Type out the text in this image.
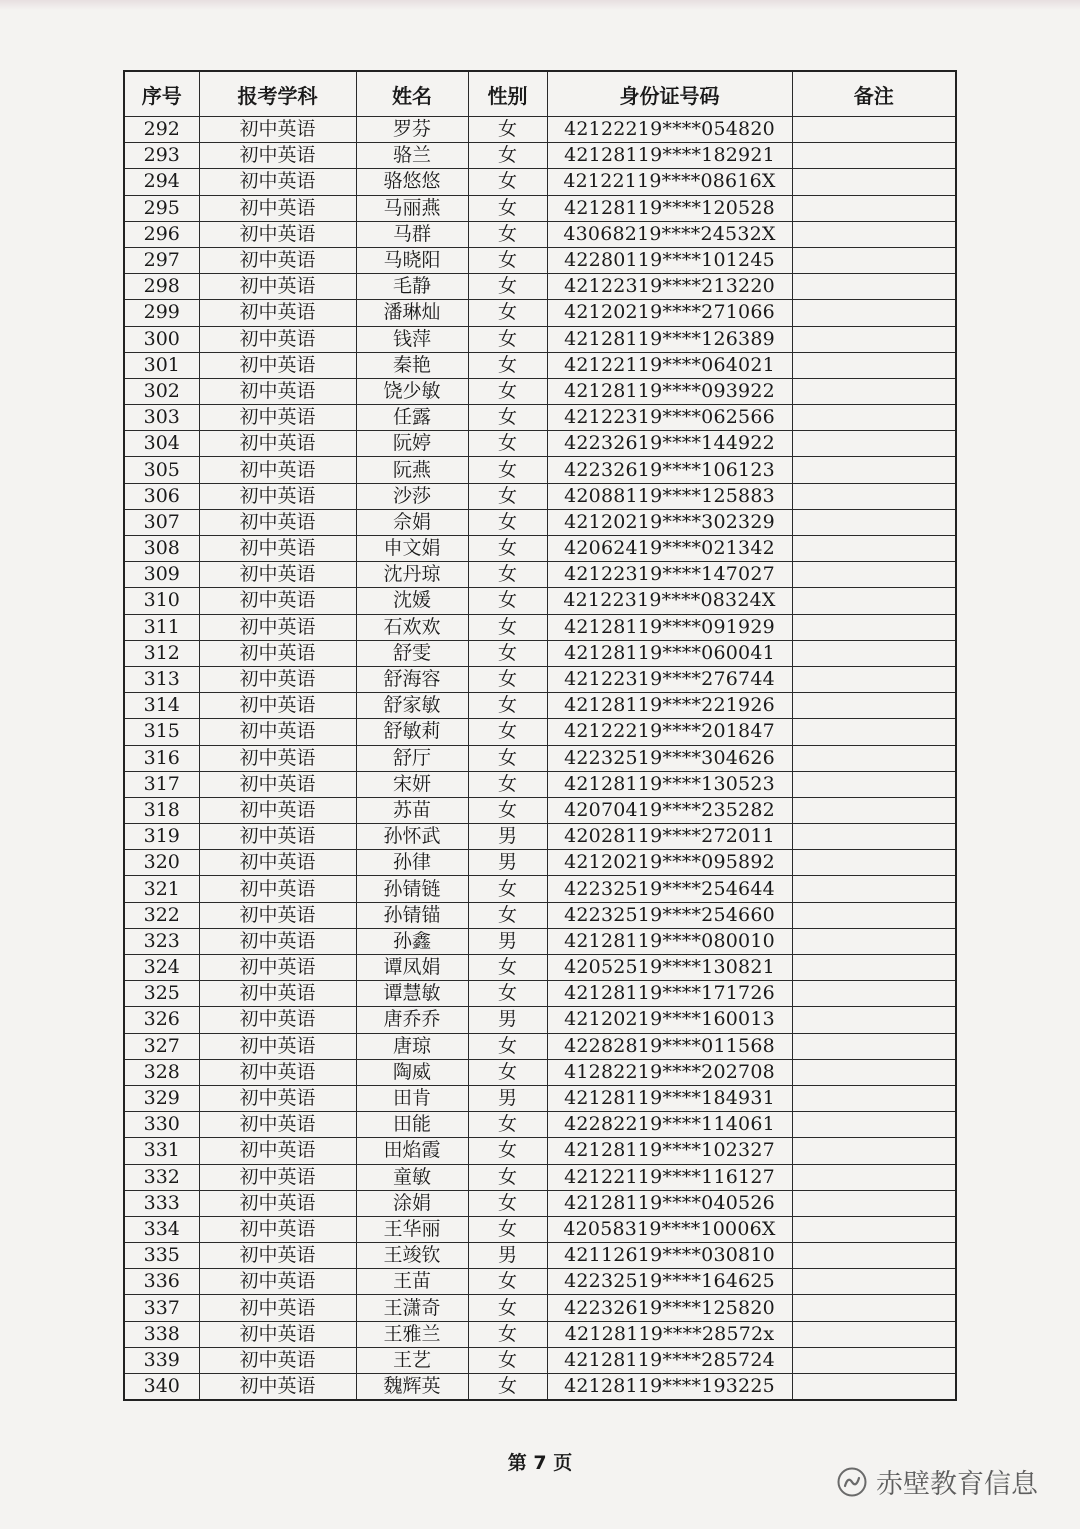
序号	报考学科	姓名	性别	身份证号码	备注
292	初中英语	罗芬	女	42122219****054820	
293	初中英语	骆兰	女	42128119****182921	
294	初中英语	骆悠悠	女	42122119****08616X	
295	初中英语	马丽燕	女	42128119****120528	
296	初中英语	马群	女	43068219****24532X	
297	初中英语	马晓阳	女	42280119****101245	
298	初中英语	毛静	女	42122319****213220	
299	初中英语	潘琳灿	女	42120219****271066	
300	初中英语	钱萍	女	42128119****126389	
301	初中英语	秦艳	女	42122119****064021	
302	初中英语	饶少敏	女	42128119****093922	
303	初中英语	任露	女	42122319****062566	
304	初中英语	阮婷	女	42232619****144922	
305	初中英语	阮燕	女	42232619****106123	
306	初中英语	沙莎	女	42088119****125883	
307	初中英语	佘娟	女	42120219****302329	
308	初中英语	申文娟	女	42062419****021342	
309	初中英语	沈丹琼	女	42122319****147027	
310	初中英语	沈媛	女	42122319****08324X	
311	初中英语	石欢欢	女	42128119****091929	
312	初中英语	舒雯	女	42128119****060041	
313	初中英语	舒海容	女	42122319****276744	
314	初中英语	舒家敏	女	42128119****221926	
315	初中英语	舒敏莉	女	42122219****201847	
316	初中英语	舒厅	女	42232519****304626	
317	初中英语	宋妍	女	42128119****130523	
318	初中英语	苏苗	女	42070419****235282	
319	初中英语	孙怀武	男	42028119****272011	
320	初中英语	孙律	男	42120219****095892	
321	初中英语	孙锖链	女	42232519****254644	
322	初中英语	孙锖锚	女	42232519****254660	
323	初中英语	孙鑫	男	42128119****080010	
324	初中英语	谭凤娟	女	42052519****130821	
325	初中英语	谭慧敏	女	42128119****171726	
326	初中英语	唐乔乔	男	42120219****160013	
327	初中英语	唐琼	女	42282819****011568	
328	初中英语	陶威	女	41282219****202708	
329	初中英语	田肯	男	42128119****184931	
330	初中英语	田能	女	42282219****114061	
331	初中英语	田焰霞	女	42128119****102327	
332	初中英语	童敏	女	42122119****116127	
333	初中英语	涂娟	女	42128119****040526	
334	初中英语	王华丽	女	42058319****10006X	
335	初中英语	王竣钦	男	42112619****030810	
336	初中英语	王苗	女	42232519****164625	
337	初中英语	王潇奇	女	42232619****125820	
338	初中英语	王雅兰	女	42128119****28572x	
339	初中英语	王艺	女	42128119****285724	
340	初中英语	魏辉英	女	42128119****193225	
第 7 页
赤壁教育信息
